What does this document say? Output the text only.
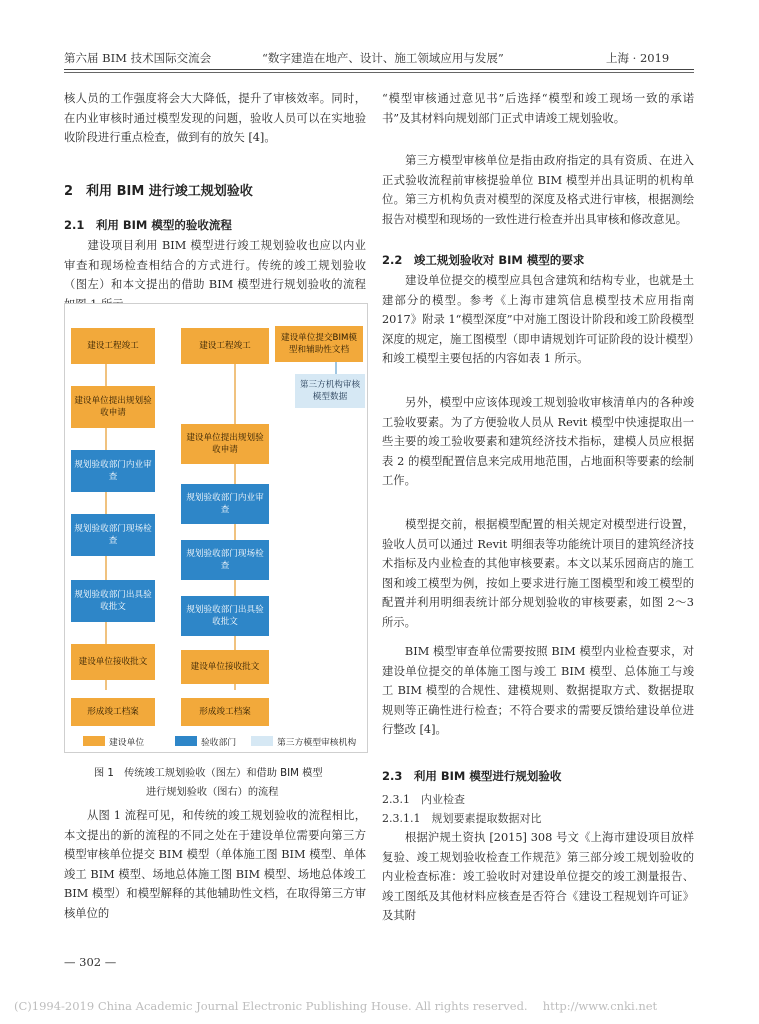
第六届 BIM 技术国际交流会	“数字建造在地产、设计、施工领域应用与发展”	上海 · 2019
核人员的工作强度将会大大降低，提升了审核效率。同时，在内业审核时通过模型发现的问题，验收人员可以在实地验收阶段进行重点检查，做到有的放矢 [4]。
2　利用 BIM 进行竣工规划验收
2.1　利用 BIM 模型的验收流程
　　建设项目利用 BIM 模型进行竣工规划验收也应以内业审查和现场检查相结合的方式进行。传统的竣工规划验收（图左）和本文提出的借助 BIM 模型进行规划验收的流程
建设工程竣工
建设单位提出规划验收申请
规划验收部门内业审查
规划验收部门现场检查
规划验收部门出具验收批文
建设单位接收批文
形成竣工档案
建设工程竣工
建设单位提交BIM模型和辅助性文档
第三方机构审核模型数据
建设单位提出规划验收申请
规划验收部门内业审查
规划验收部门现场检查
规划验收部门出具验收批文
建设单位接收批文
形成竣工档案
建设单位	验收部门	第三方模型审核机构
图 1　传统竣工规划验收（图左）和借助 BIM 模型
进行规划验收（图右）的流程
　　从图 1 流程可见，和传统的竣工规划验收的流程相比，本文提出的新的流程的不同之处在于建设单位需要向第三方模型审核单位提交 BIM 模型（单体施工图 BIM 模型、单体竣工 BIM 模型、场地总体施工图 BIM 模型、场地总体竣工 BIM 模型）和模型解释的其他辅助性文档，在取得第三方审核单位的
“模型审核通过意见书”后选择“模型和竣工现场一致的承诺书”及其材料向规划部门正式申请竣工规划验收。
　　第三方模型审核单位是指由政府指定的具有资质、在进入正式验收流程前审核提验单位 BIM 模型并出具证明的机构单位。第三方机构负责对模型的深度及格式进行审核，根据测绘报告对模型和现场的一致性进行检查并出具审核和修改意见。
2.2　竣工规划验收对 BIM 模型的要求
　　建设单位提交的模型应具包含建筑和结构专业，也就是土建部分的模型。参考《上海市建筑信息模型技术应用指南 2017》附录 1“模型深度”中对施工图设计阶段和竣工阶段模型深度的规定，施工图模型（即申请规划许可证阶段的设计模型）和竣工模型主要包括的内容如表 1 所示。
　　另外，模型中应该体现竣工规划验收审核清单内的各种竣工验收要素。为了方便验收人员从 Revit 模型中快速提取出一些主要的竣工验收要素和建筑经济技术指标，建模人员应根据表 2 的模型配置信息来完成用地范围，占地面积等要素的绘制工作。
　　模型提交前，根据模型配置的相关规定对模型进行设置，验收人员可以通过 Revit 明细表等功能统计项目的建筑经济技术指标及内业检查的其他审核要素。本文以某乐园商店的施工图和竣工模型为例，按如上要求进行施工图模型和竣工模型的配置并利用明细表统计部分规划验收的审核要素，如图 2～3 所示。
　　BIM 模型审查单位需要按照 BIM 模型内业检查要求，对建设单位提交的单体施工图与竣工 BIM 模型、总体施工与竣工 BIM 模型的合规性、建模规则、数据提取方式、数据提取规则等正确性进行检查；不符合要求的需要反馈给建设单位进行整改 [4]。
2.3　利用 BIM 模型进行规划验收
2.3.1　内业检查
2.3.1.1　规划要素提取数据对比
　　根据沪规土资执 [2015] 308 号文《上海市建设项目放样复验、竣工规划验收检查工作规范》第三部分竣工规划验收的内业检查标准：竣工验收时对建设单位提交的竣工测量报告、竣工图纸及其他材料应核查是否符合《建设工程规划许可证》及其附
— 302 —
(C)1994-2019 China Academic Journal Electronic Publishing House. All rights reserved.　 http://www.cnki.net
